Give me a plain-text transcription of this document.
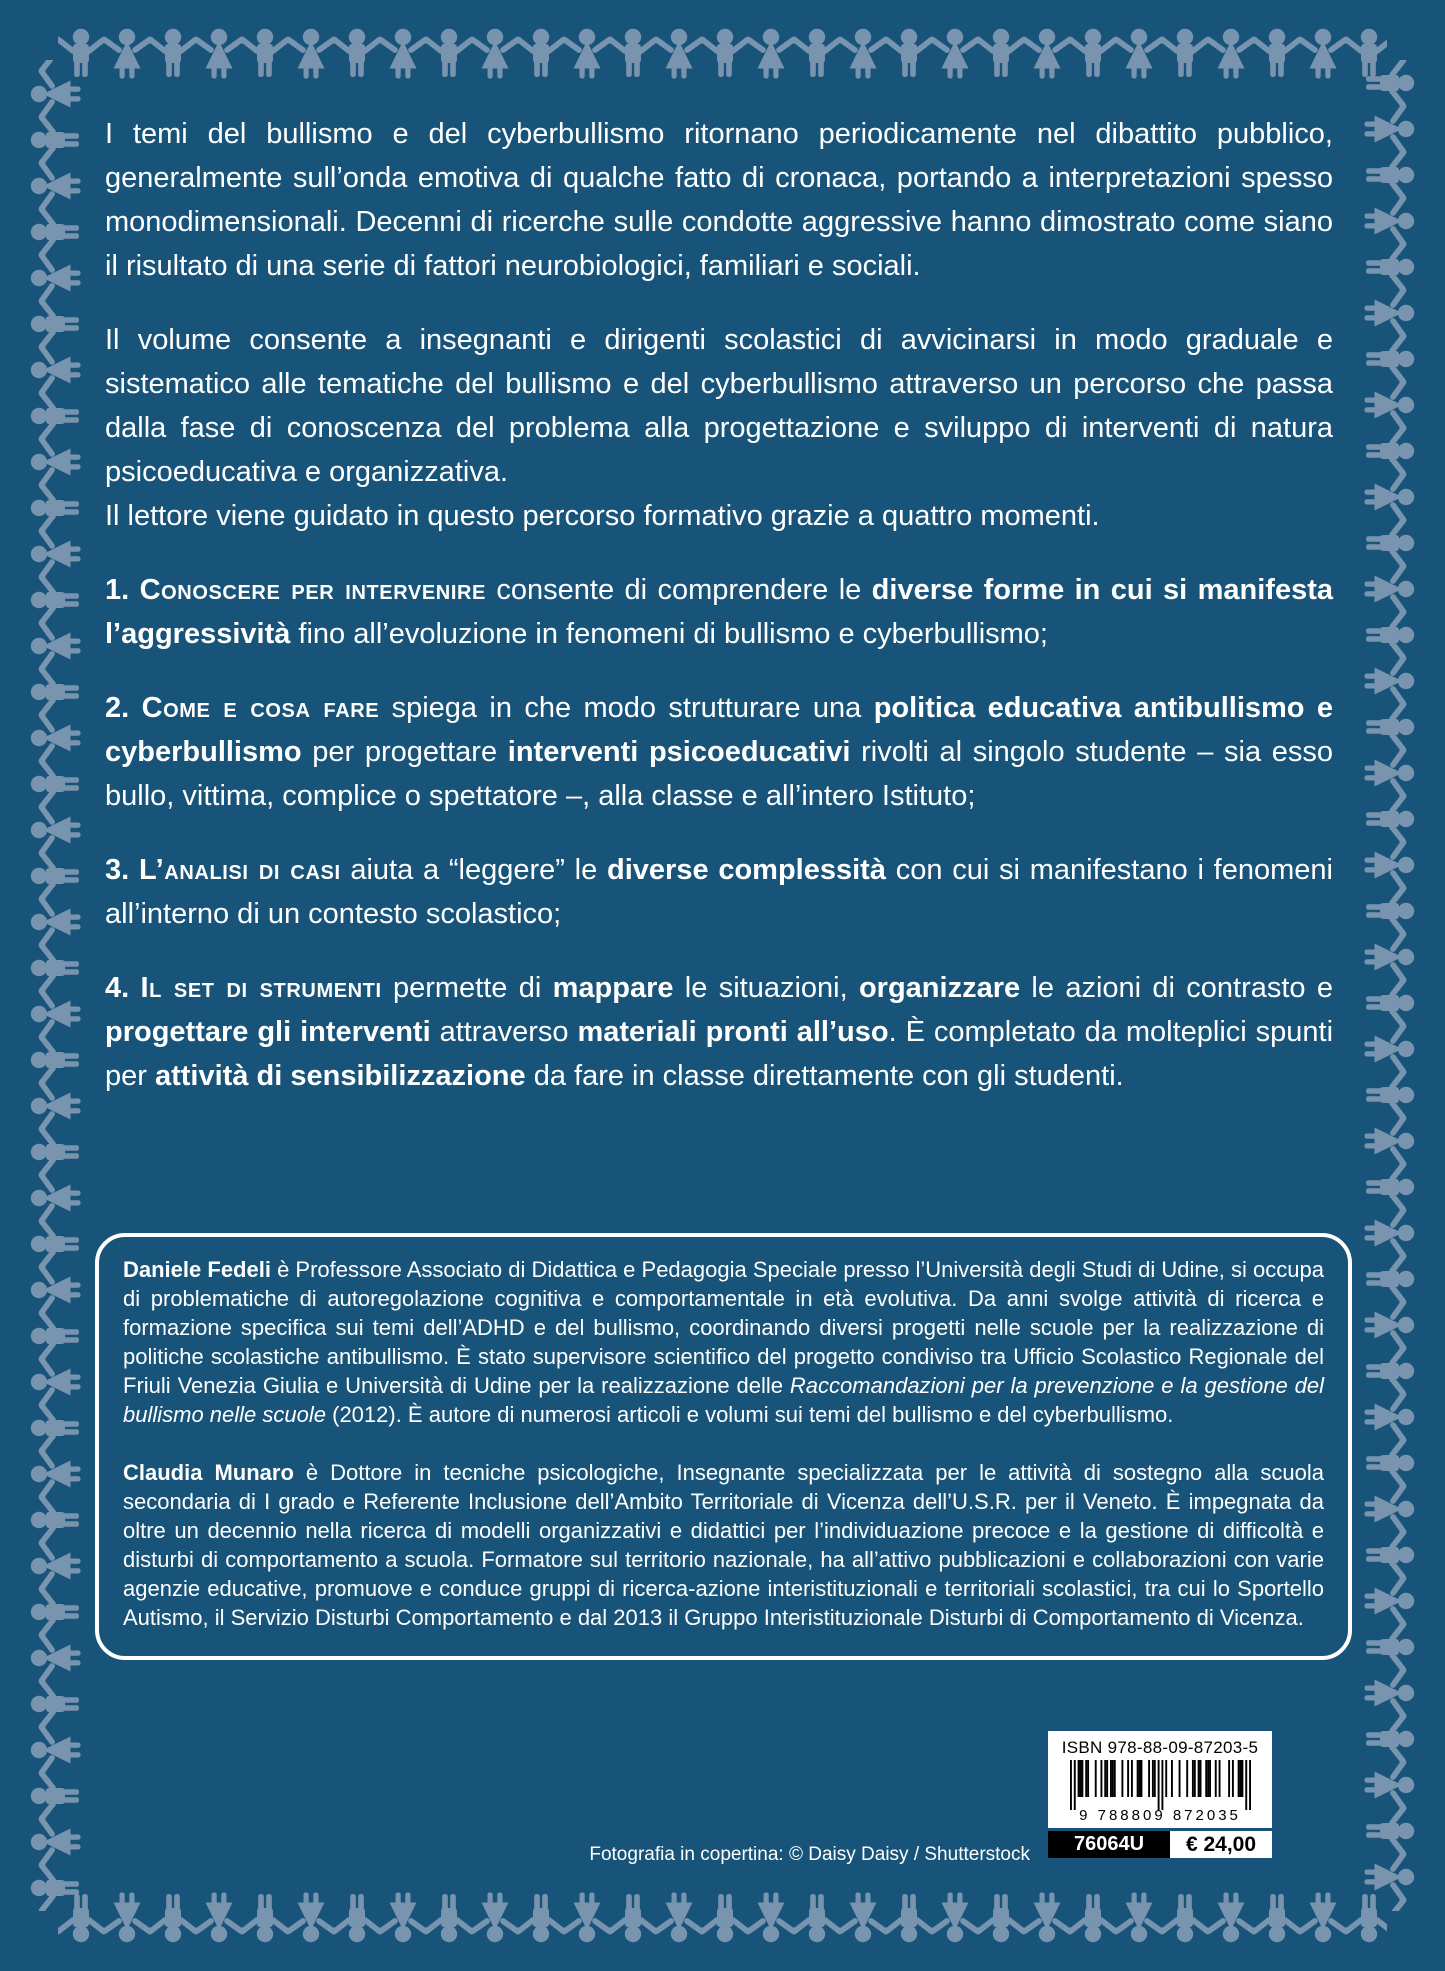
I temi del bullismo e del cyberbullismo ritornano periodicamente nel dibattito pubblico, generalmente sull’onda emotiva di qualche fatto di cronaca, portando a interpretazioni spesso monodimensionali. Decenni di ricerche sulle condotte aggressive hanno dimostrato come siano il risultato di una serie di fattori neurobiologici, familiari e sociali.
Il volume consente a insegnanti e dirigenti scolastici di avvicinarsi in modo graduale e sistematico alle tematiche del bullismo e del cyberbullismo attraverso un percorso che passa dalla fase di conoscenza del problema alla progettazione e sviluppo di interventi di natura psicoeducativa e organizzativa.
Il lettore viene guidato in questo percorso formativo grazie a quattro momenti.
1. Conoscere per intervenire consente di comprendere le diverse forme in cui si manifesta l’aggressività fino all’evoluzione in fenomeni di bullismo e cyberbullismo;
2. Come e cosa fare spiega in che modo strutturare una politica educativa antibullismo e cyberbullismo per progettare interventi psicoeducativi rivolti al singolo studente – sia esso bullo, vittima, complice o spettatore –, alla classe e all’intero Istituto;
3. L’analisi di casi aiuta a “leggere” le diverse complessità con cui si manifestano i fenomeni all’interno di un contesto scolastico;
4. Il set di strumenti permette di mappare le situazioni, organizzare le azioni di contrasto e progettare gli interventi attraverso materiali pronti all’uso. È completato da molteplici spunti per attività di sensibilizzazione da fare in classe direttamente con gli studenti.
Daniele Fedeli è Professore Associato di Didattica e Pedagogia Speciale presso l’Università degli Studi di Udine, si occupa di problematiche di autoregolazione cognitiva e comportamentale in età evolutiva. Da anni svolge attività di ricerca e formazione specifica sui temi dell’ADHD e del bullismo, coordinando diversi progetti nelle scuole per la realizzazione di politiche scolastiche antibullismo. È stato supervisore scientifico del progetto condiviso tra Ufficio Scolastico Regionale del Friuli Venezia Giulia e Università di Udine per la realizzazione delle Raccomandazioni per la prevenzione e la gestione del bullismo nelle scuole (2012). È autore di numerosi articoli e volumi sui temi del bullismo e del cyberbullismo.
Claudia Munaro è Dottore in tecniche psicologiche, Insegnante specializzata per le attività di sostegno alla scuola secondaria di I grado e Referente Inclusione dell’Ambito Territoriale di Vicenza dell’U.S.R. per il Veneto. È impegnata da oltre un decennio nella ricerca di modelli organizzativi e didattici per l’individuazione precoce e la gestione di difficoltà e disturbi di comportamento a scuola. Formatore sul territorio nazionale, ha all’attivo pubblicazioni e collaborazioni con varie agenzie educative, promuove e conduce gruppi di ricerca-azione interistituzionali e territoriali scolastici, tra cui lo Sportello Autismo, il Servizio Disturbi Comportamento e dal 2013 il Gruppo Interistituzionale Disturbi di Comportamento di Vicenza.
Fotografia in copertina: © Daisy Daisy / Shutterstock
ISBN 978-88-09-87203-5
9 788809 872035
76064U	€ 24,00
